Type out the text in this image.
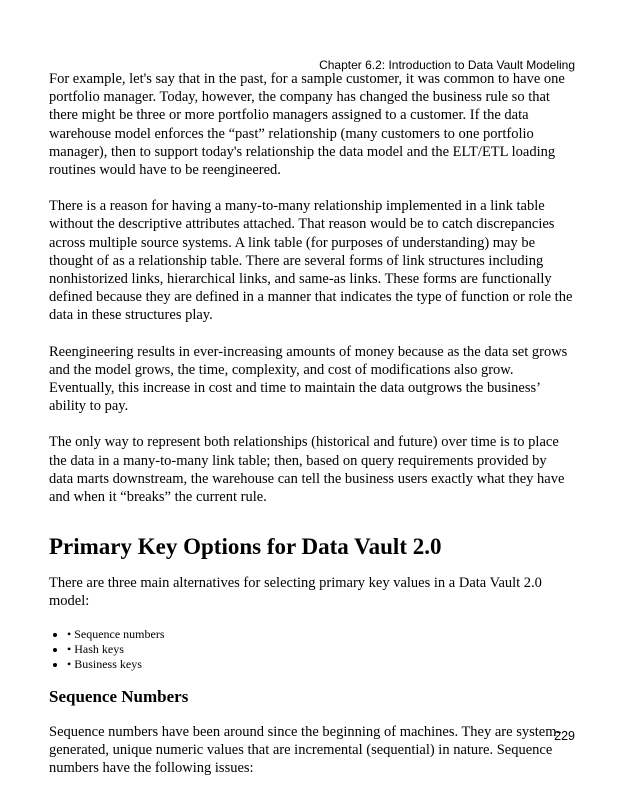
Chapter 6.2: Introduction to Data Vault Modeling

For example, let's say that in the past, for a sample customer, it was common to have one portfolio manager. Today, however, the company has changed the business rule so that there might be three or more portfolio managers assigned to a customer. If the data warehouse model enforces the “past” relationship (many customers to one portfolio manager), then to support today's relationship the data model and the ELT/ETL loading routines would have to be reengineered.

There is a reason for having a many-to-many relationship implemented in a link table without the descriptive attributes attached. That reason would be to catch discrepancies across multiple source systems. A link table (for purposes of understanding) may be thought of as a relationship table. There are several forms of link structures including nonhistorized links, hierarchical links, and same-as links. These forms are functionally defined because they are defined in a manner that indicates the type of function or role the data in these structures play.

Reengineering results in ever-increasing amounts of money because as the data set grows and the model grows, the time, complexity, and cost of modifications also grow. Eventually, this increase in cost and time to maintain the data outgrows the business’ ability to pay.

The only way to represent both relationships (historical and future) over time is to place the data in a many-to-many link table; then, based on query requirements provided by data marts downstream, the warehouse can tell the business users exactly what they have and when it “breaks” the current rule.

Primary Key Options for Data Vault 2.0

There are three main alternatives for selecting primary key values in a Data Vault 2.0 model:

• • Sequence numbers
• • Hash keys
• • Business keys
Sequence Numbers

Sequence numbers have been around since the beginning of machines. They are system-generated, unique numeric values that are incremental (sequential) in nature. Sequence numbers have the following issues:

229
